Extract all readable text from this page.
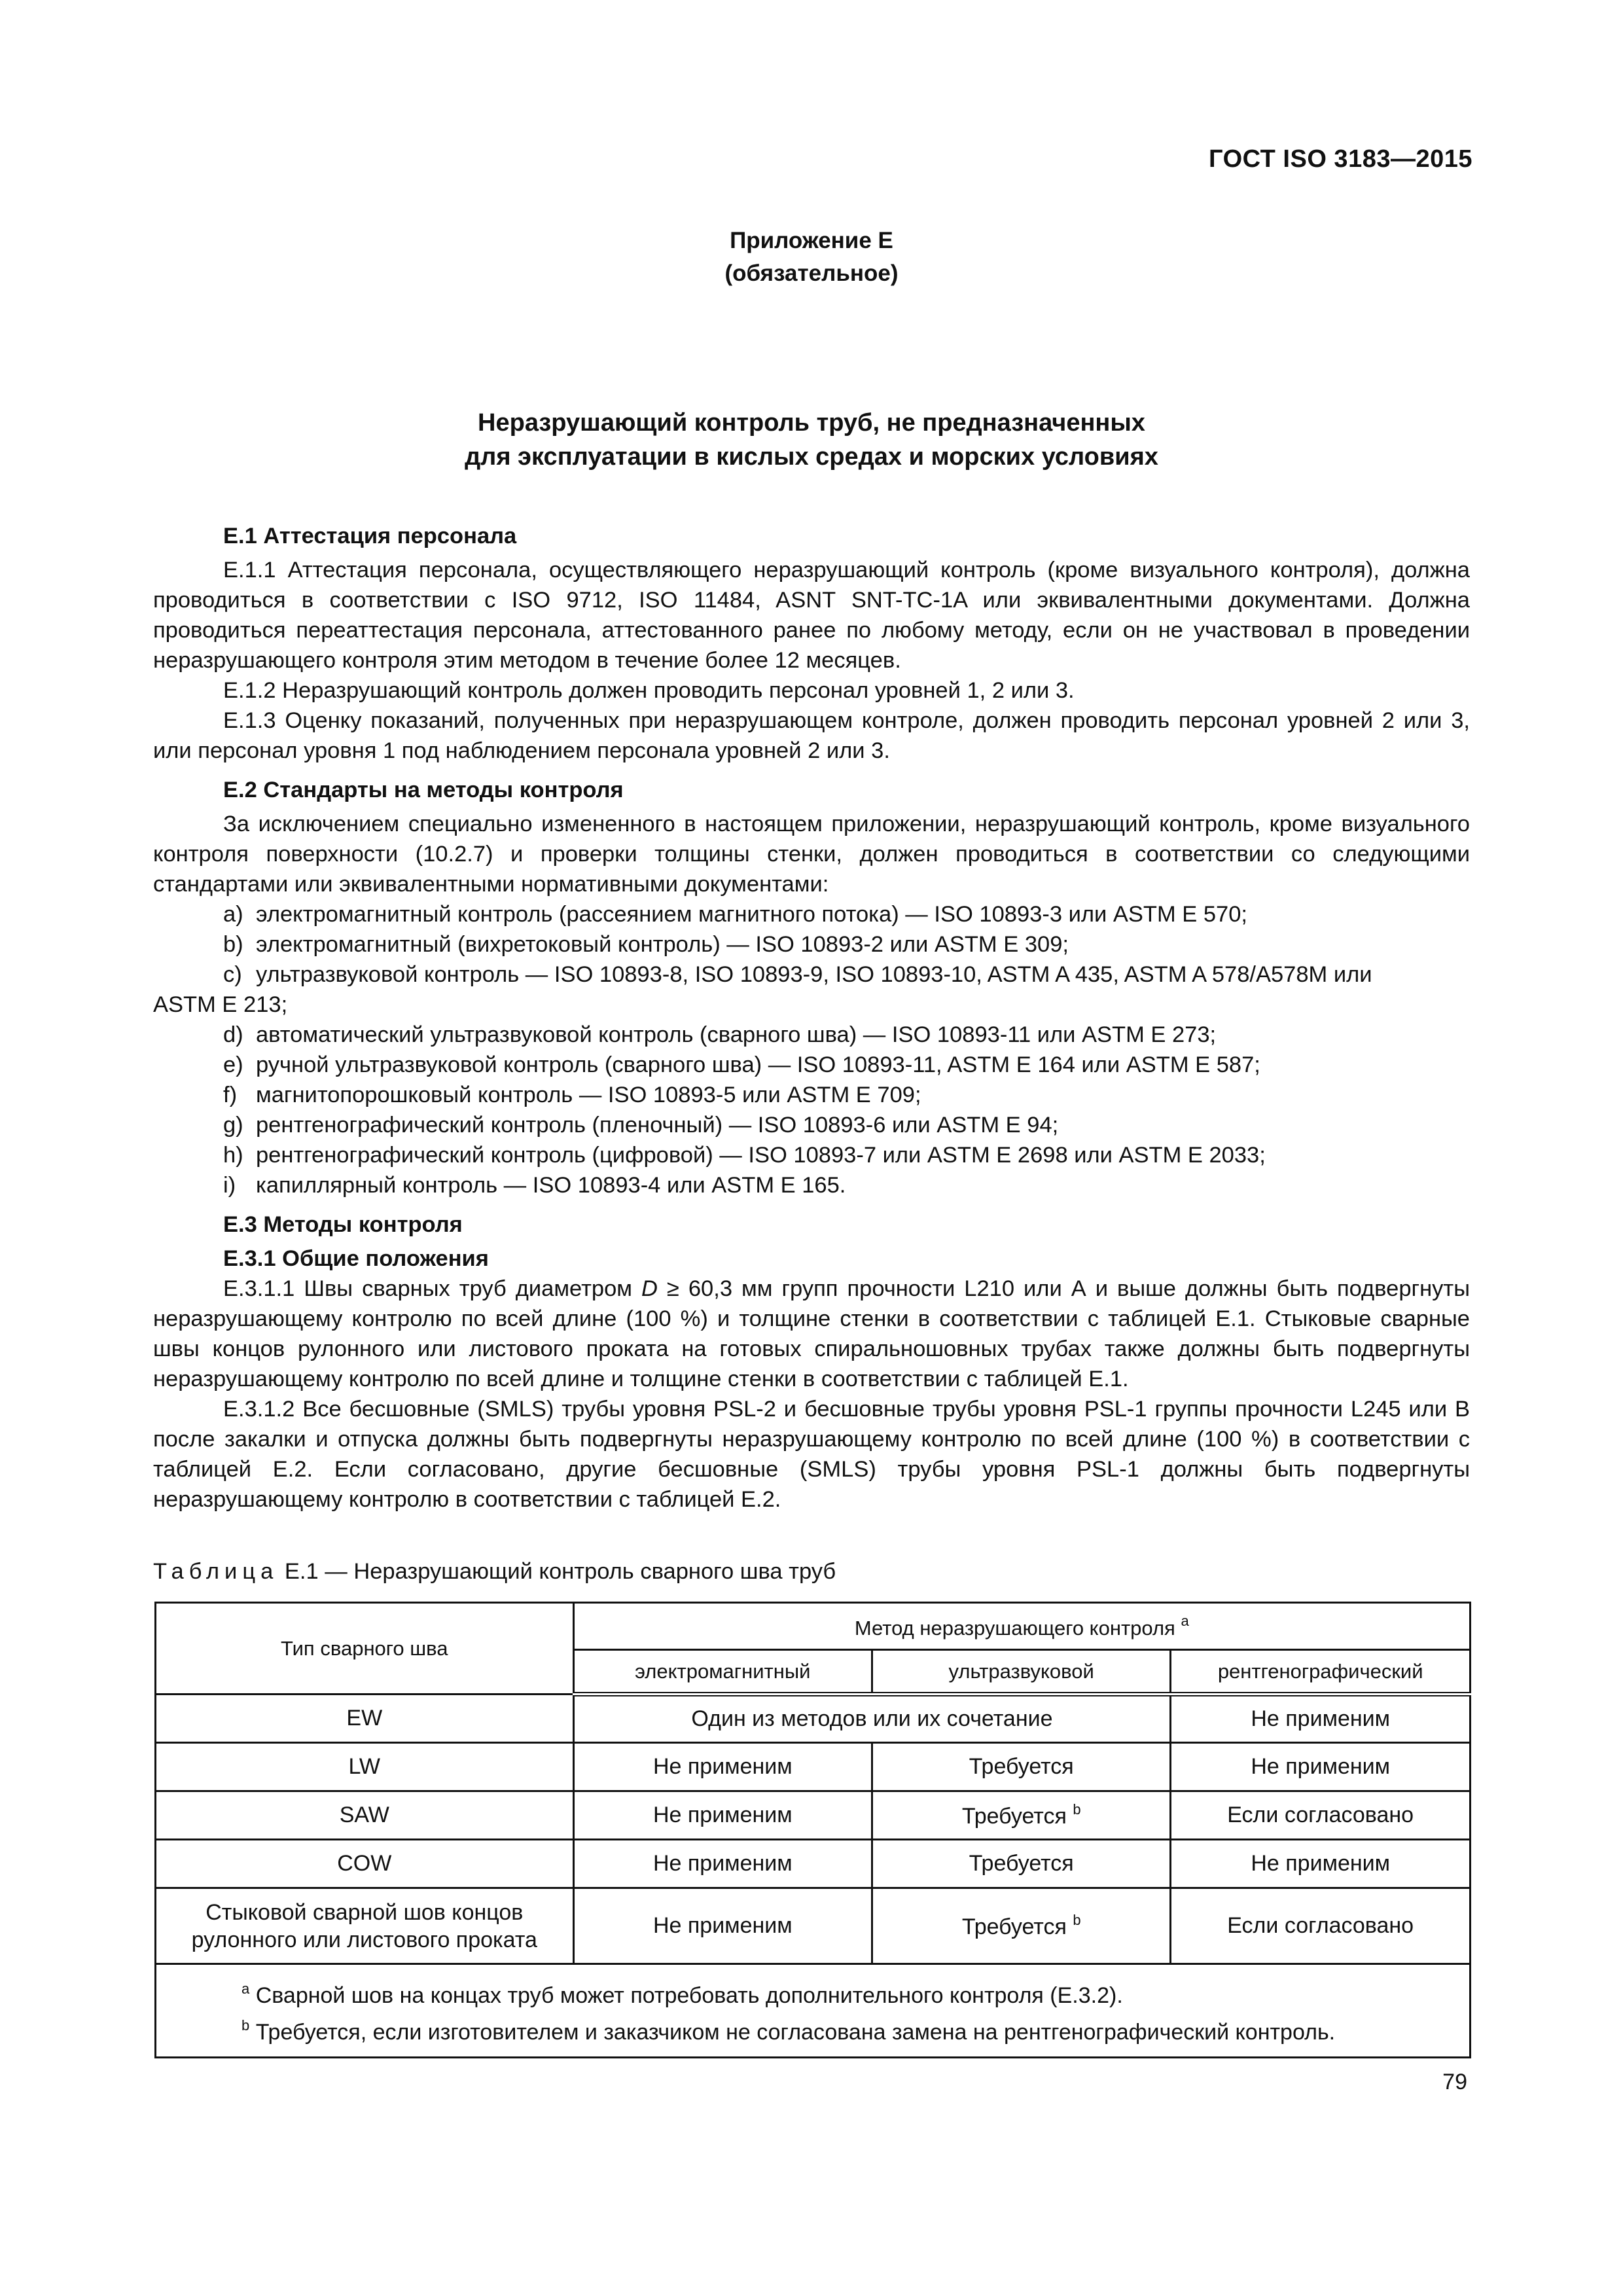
ГОСТ ISO 3183—2015
Приложение Е
(обязательное)
Неразрушающий контроль труб, не предназначенных
для эксплуатации в кислых средах и морских условиях

Е.1 Аттестация персонала

Е.1.1 Аттестация персонала, осуществляющего неразрушающий контроль (кроме визуального контроля), должна проводиться в соответствии с ISO 9712, ISO 11484, ASNT SNT-TC-1A или эквивалентными документами. Должна проводиться переаттестация персонала, аттестованного ранее по любому методу, если он не участвовал в проведении неразрушающего контроля этим методом в течение более 12 месяцев.

Е.1.2 Неразрушающий контроль должен проводить персонал уровней 1, 2 или 3.

Е.1.3 Оценку показаний, полученных при неразрушающем контроле, должен проводить персонал уровней 2 или 3, или персонал уровня 1 под наблюдением персонала уровней 2 или 3.

Е.2 Стандарты на методы контроля

За исключением специально измененного в настоящем приложении, неразрушающий контроль, кроме визуального контроля поверхности (10.2.7) и проверки толщины стенки, должен проводиться в соответствии со следующими стандартами или эквивалентными нормативными документами:

a) электромагнитный контроль (рассеянием магнитного потока) — ISO 10893-3 или ASTM E 570;

b) электромагнитный (вихретоковый контроль) — ISO 10893-2 или ASTM E 309;

c) ультразвуковой контроль — ISO 10893-8, ISO 10893-9, ISO 10893-10, ASTM A 435, ASTM A 578/A578M или

ASTM E 213;

d) автоматический ультразвуковой контроль (сварного шва) — ISO 10893-11 или ASTM E 273;

e) ручной ультразвуковой контроль (сварного шва) — ISO 10893-11, ASTM E 164 или ASTM E 587;

f) магнитопорошковый контроль — ISO 10893-5 или ASTM E 709;

g) рентгенографический контроль (пленочный) — ISO 10893-6 или ASTM E 94;

h) рентгенографический контроль (цифровой) — ISO 10893-7 или ASTM E 2698 или ASTM E 2033;

i) капиллярный контроль — ISO 10893-4 или ASTM E 165.

Е.3 Методы контроля

Е.3.1 Общие положения

Е.3.1.1 Швы сварных труб диаметром D ≥ 60,3 мм групп прочности L210 или А и выше должны быть подвергнуты неразрушающему контролю по всей длине (100 %) и толщине стенки в соответствии с таблицей Е.1. Стыковые сварные швы концов рулонного или листового проката на готовых спиральношовных трубах также должны быть подвергнуты неразрушающему контролю по всей длине и толщине стенки в соответствии с таблицей Е.1.

Е.3.1.2 Все бесшовные (SMLS) трубы уровня PSL-2 и бесшовные трубы уровня PSL-1 группы прочности L245 или В после закалки и отпуска должны быть подвергнуты неразрушающему контролю по всей длине (100 %) в соответствии с таблицей Е.2. Если согласовано, другие бесшовные (SMLS) трубы уровня PSL-1 должны быть подвергнуты неразрушающему контролю в соответствии с таблицей Е.2.

Таблица Е.1 — Неразрушающий контроль сварного шва труб
Тип сварного шва	Метод неразрушающего контроля $^a$
	электромагнитный	ультразвуковой	рентгенографический
EW	Один из методов или их сочетание		Не применим
LW	Не применим	Требуется	Не применим
SAW	Не применим	Требуется $^b$	Если согласовано
COW	Не применим	Требуется	Не применим

Стыковой сварной шов концов
рулонного или листового проката	Не применим	Требуется $^b$	Если согласовано

$^a$ Сварной шов на концах труб может потребовать дополнительного контроля (Е.3.2).
$^b$ Требуется, если изготовителем и заказчиком не согласована замена на рентгенографический контроль.			
79
